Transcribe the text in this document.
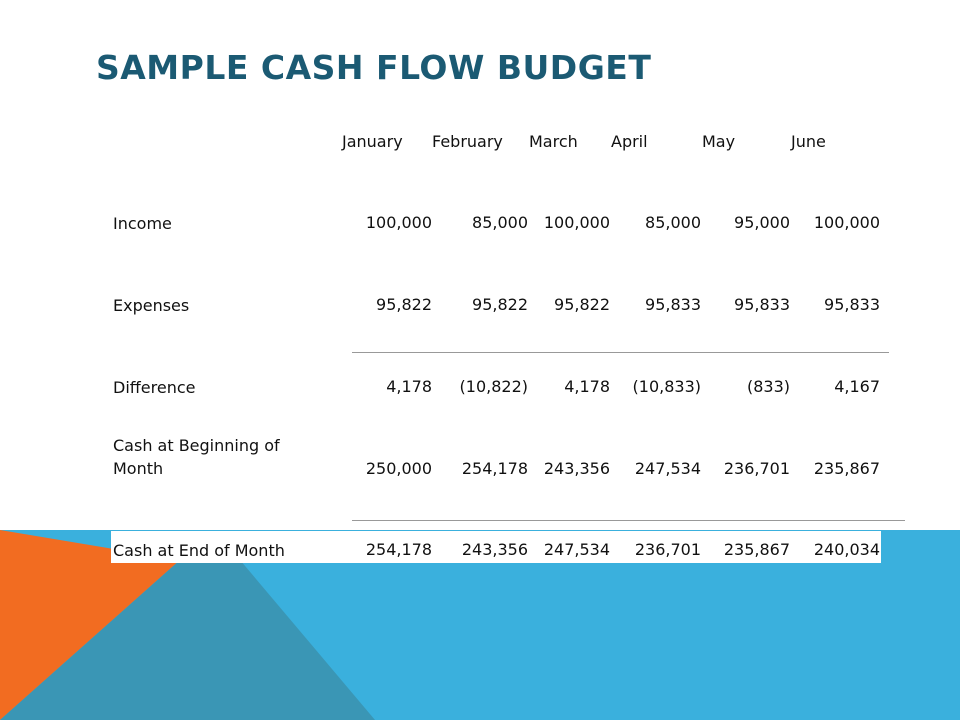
SAMPLE CASH FLOW BUDGET
January February March April	May	June
Income	100,000	85,000 100,000 85,000 95,000 100,000
Expenses	95,822	95,822 95,822 95,833 95,833 95,833
Difference	4,178 (10,822) 4,178 (10,833)	(833)	4,167
Cash at Beginning of Month	250,000 254,178 243,356 247,534 236,701 235,867
Cash at End of Month	254,178 243,356 247,534 236,701 235,867 240,034
